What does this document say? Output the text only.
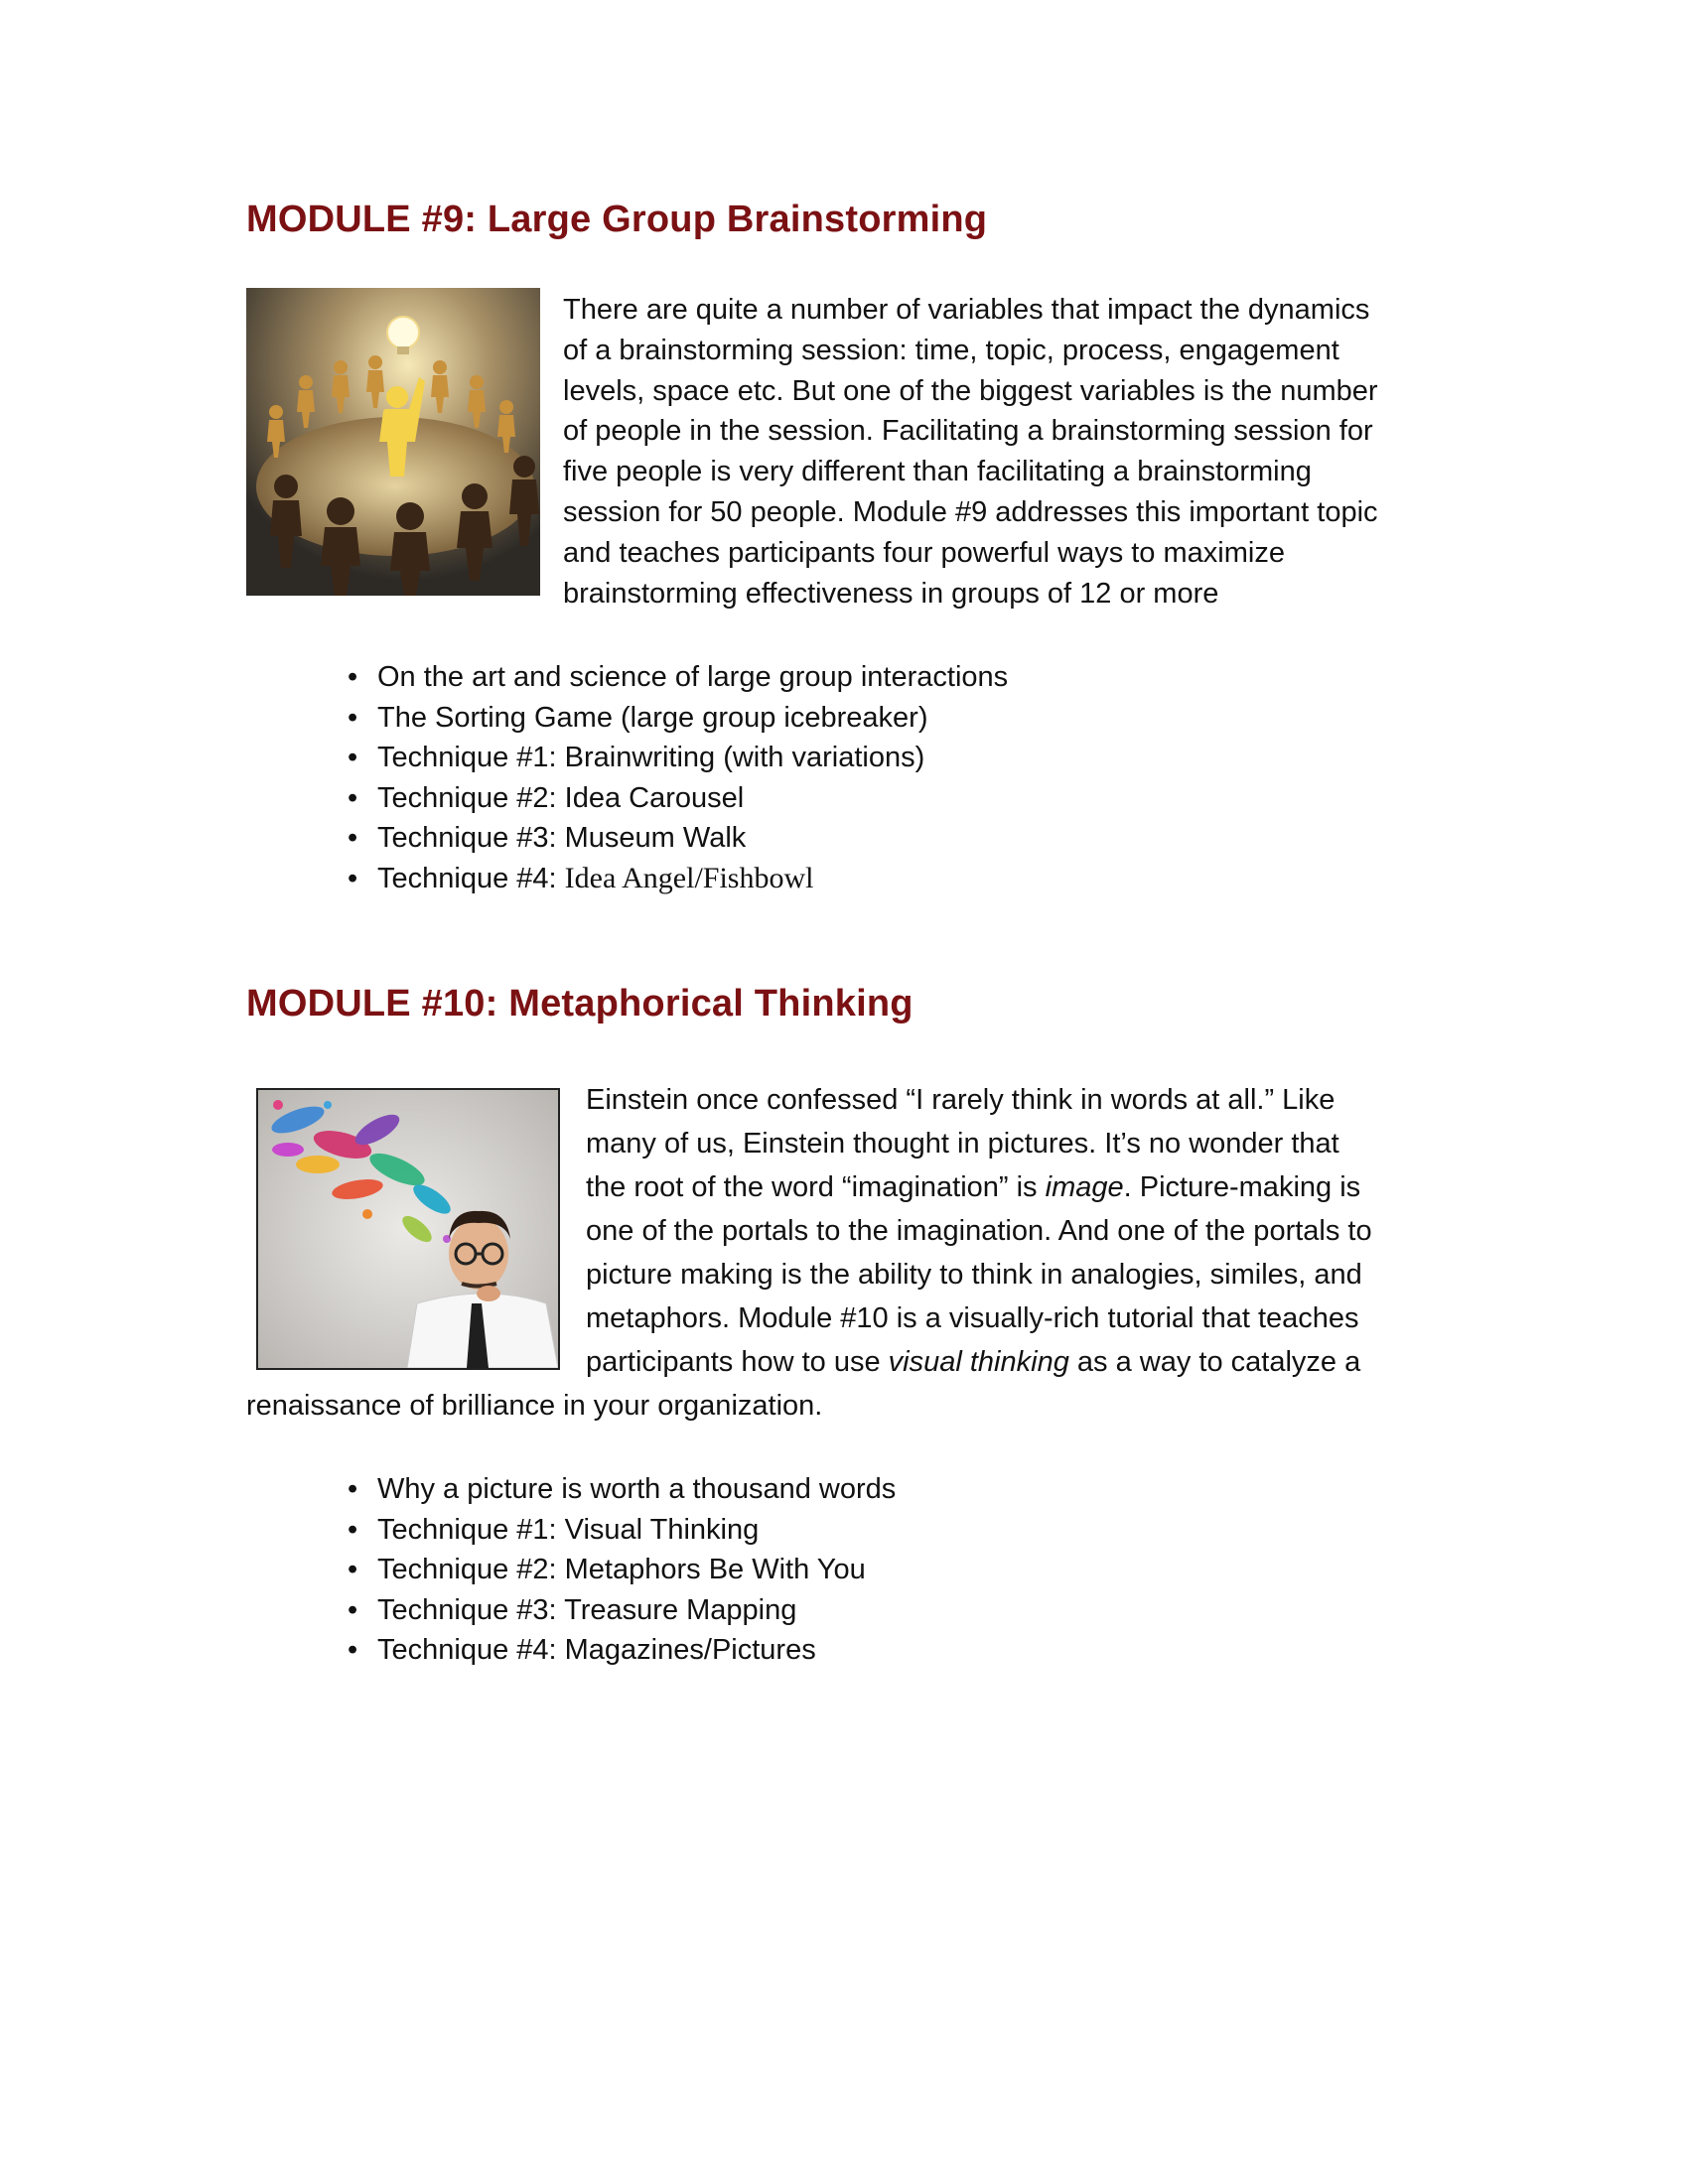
MODULE #9: Large Group Brainstorming
There are quite a number of variables that impact the dynamics
of a brainstorming session: time, topic, process, engagement
levels, space etc. But one of the biggest variables is the number
of people in the session. Facilitating a brainstorming session for
five people is very different than facilitating a brainstorming
session for 50 people. Module #9 addresses this important topic
and teaches participants four powerful ways to maximize
brainstorming effectiveness in groups of 12 or more
• On the art and science of large group interactions
• The Sorting Game (large group icebreaker)
• Technique #1: Brainwriting (with variations)
• Technique #2: Idea Carousel
• Technique #3: Museum Walk
• Technique #4: Idea Angel/Fishbowl
MODULE #10: Metaphorical Thinking
Einstein once confessed “I rarely think in words at all.” Like
many of us, Einstein thought in pictures. It’s no wonder that
the root of the word “imagination” is image. Picture-making is
one of the portals to the imagination. And one of the portals to
picture making is the ability to think in analogies, similes, and
metaphors. Module #10 is a visually-rich tutorial that teaches
participants how to use visual thinking as a way to catalyze a
renaissance of brilliance in your organization.
• Why a picture is worth a thousand words
• Technique #1: Visual Thinking
• Technique #2: Metaphors Be With You
• Technique #3: Treasure Mapping
• Technique #4: Magazines/Pictures
